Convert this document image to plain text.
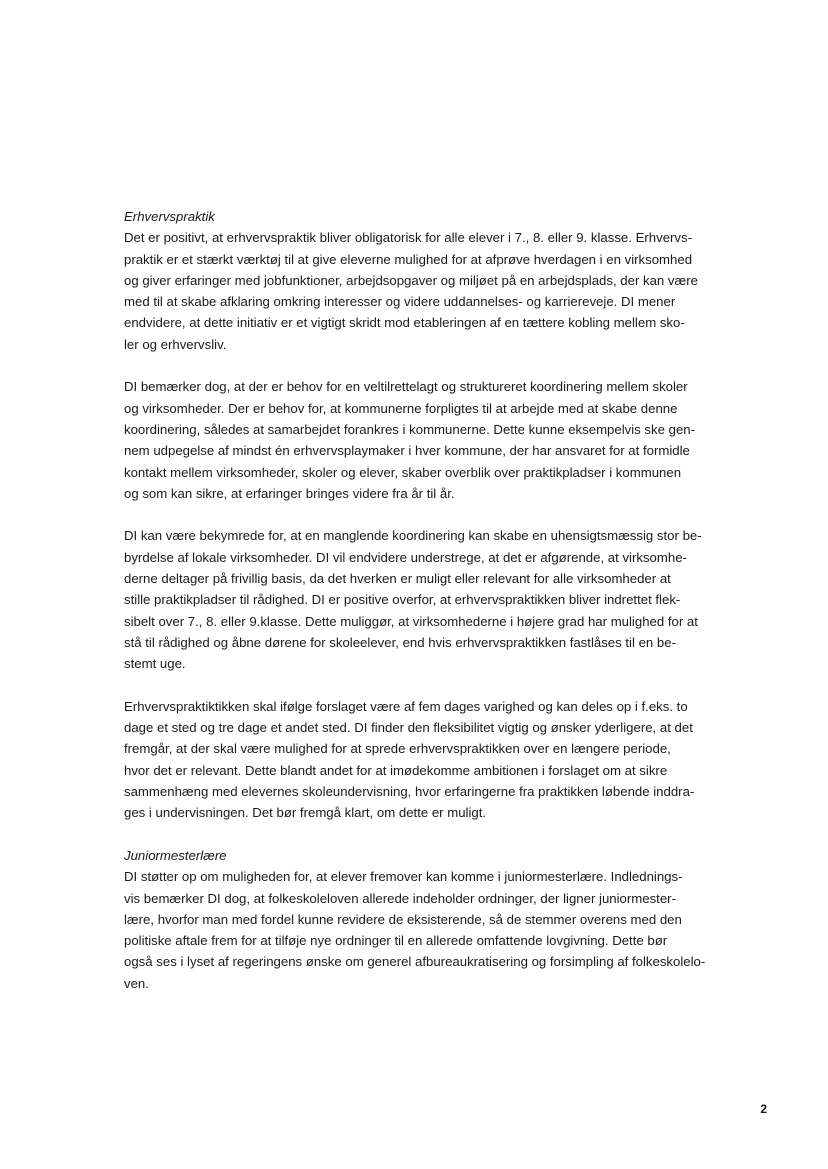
Erhvervspraktik
Det er positivt, at erhvervspraktik bliver obligatorisk for alle elever i 7., 8. eller 9. klasse. Erhvervs-
praktik er et stærkt værktøj til at give eleverne mulighed for at afprøve hverdagen i en virksomhed
og giver erfaringer med jobfunktioner, arbejdsopgaver og miljøet på en arbejdsplads, der kan være
med til at skabe afklaring omkring interesser og videre uddannelses- og karriereveje. DI mener
endvidere, at dette initiativ er et vigtigt skridt mod etableringen af en tættere kobling mellem sko-
ler og erhvervsliv.
DI bemærker dog, at der er behov for en veltilrettelagt og struktureret koordinering mellem skoler
og virksomheder. Der er behov for, at kommunerne forpligtes til at arbejde med at skabe denne
koordinering, således at samarbejdet forankres i kommunerne. Dette kunne eksempelvis ske gen-
nem udpegelse af mindst én erhvervsplaymaker i hver kommune, der har ansvaret for at formidle
kontakt mellem virksomheder, skoler og elever, skaber overblik over praktikpladser i kommunen
og som kan sikre, at erfaringer bringes videre fra år til år.
DI kan være bekymrede for, at en manglende koordinering kan skabe en uhensigtsmæssig stor be-
byrdelse af lokale virksomheder. DI vil endvidere understrege, at det er afgørende, at virksomhe-
derne deltager på frivillig basis, da det hverken er muligt eller relevant for alle virksomheder at
stille praktikpladser til rådighed. DI er positive overfor, at erhvervspraktikken bliver indrettet flek-
sibelt over 7., 8. eller 9.klasse. Dette muliggør, at virksomhederne i højere grad har mulighed for at
stå til rådighed og åbne dørene for skoleelever, end hvis erhvervspraktikken fastlåses til en be-
stemt uge.
Erhvervspraktiktikken skal ifølge forslaget være af fem dages varighed og kan deles op i f.eks. to
dage et sted og tre dage et andet sted. DI finder den fleksibilitet vigtig og ønsker yderligere, at det
fremgår, at der skal være mulighed for at sprede erhvervspraktikken over en længere periode,
hvor det er relevant. Dette blandt andet for at imødekomme ambitionen i forslaget om at sikre
sammenhæng med elevernes skoleundervisning, hvor erfaringerne fra praktikken løbende inddra-
ges i undervisningen. Det bør fremgå klart, om dette er muligt.
Juniormesterlære
DI støtter op om muligheden for, at elever fremover kan komme i juniormesterlære. Indlednings-
vis bemærker DI dog, at folkeskoleloven allerede indeholder ordninger, der ligner juniormester-
lære, hvorfor man med fordel kunne revidere de eksisterende, så de stemmer overens med den
politiske aftale frem for at tilføje nye ordninger til en allerede omfattende lovgivning. Dette bør
også ses i lyset af regeringens ønske om generel afbureaukratisering og forsimpling af folkeskolelo-
ven.
2
